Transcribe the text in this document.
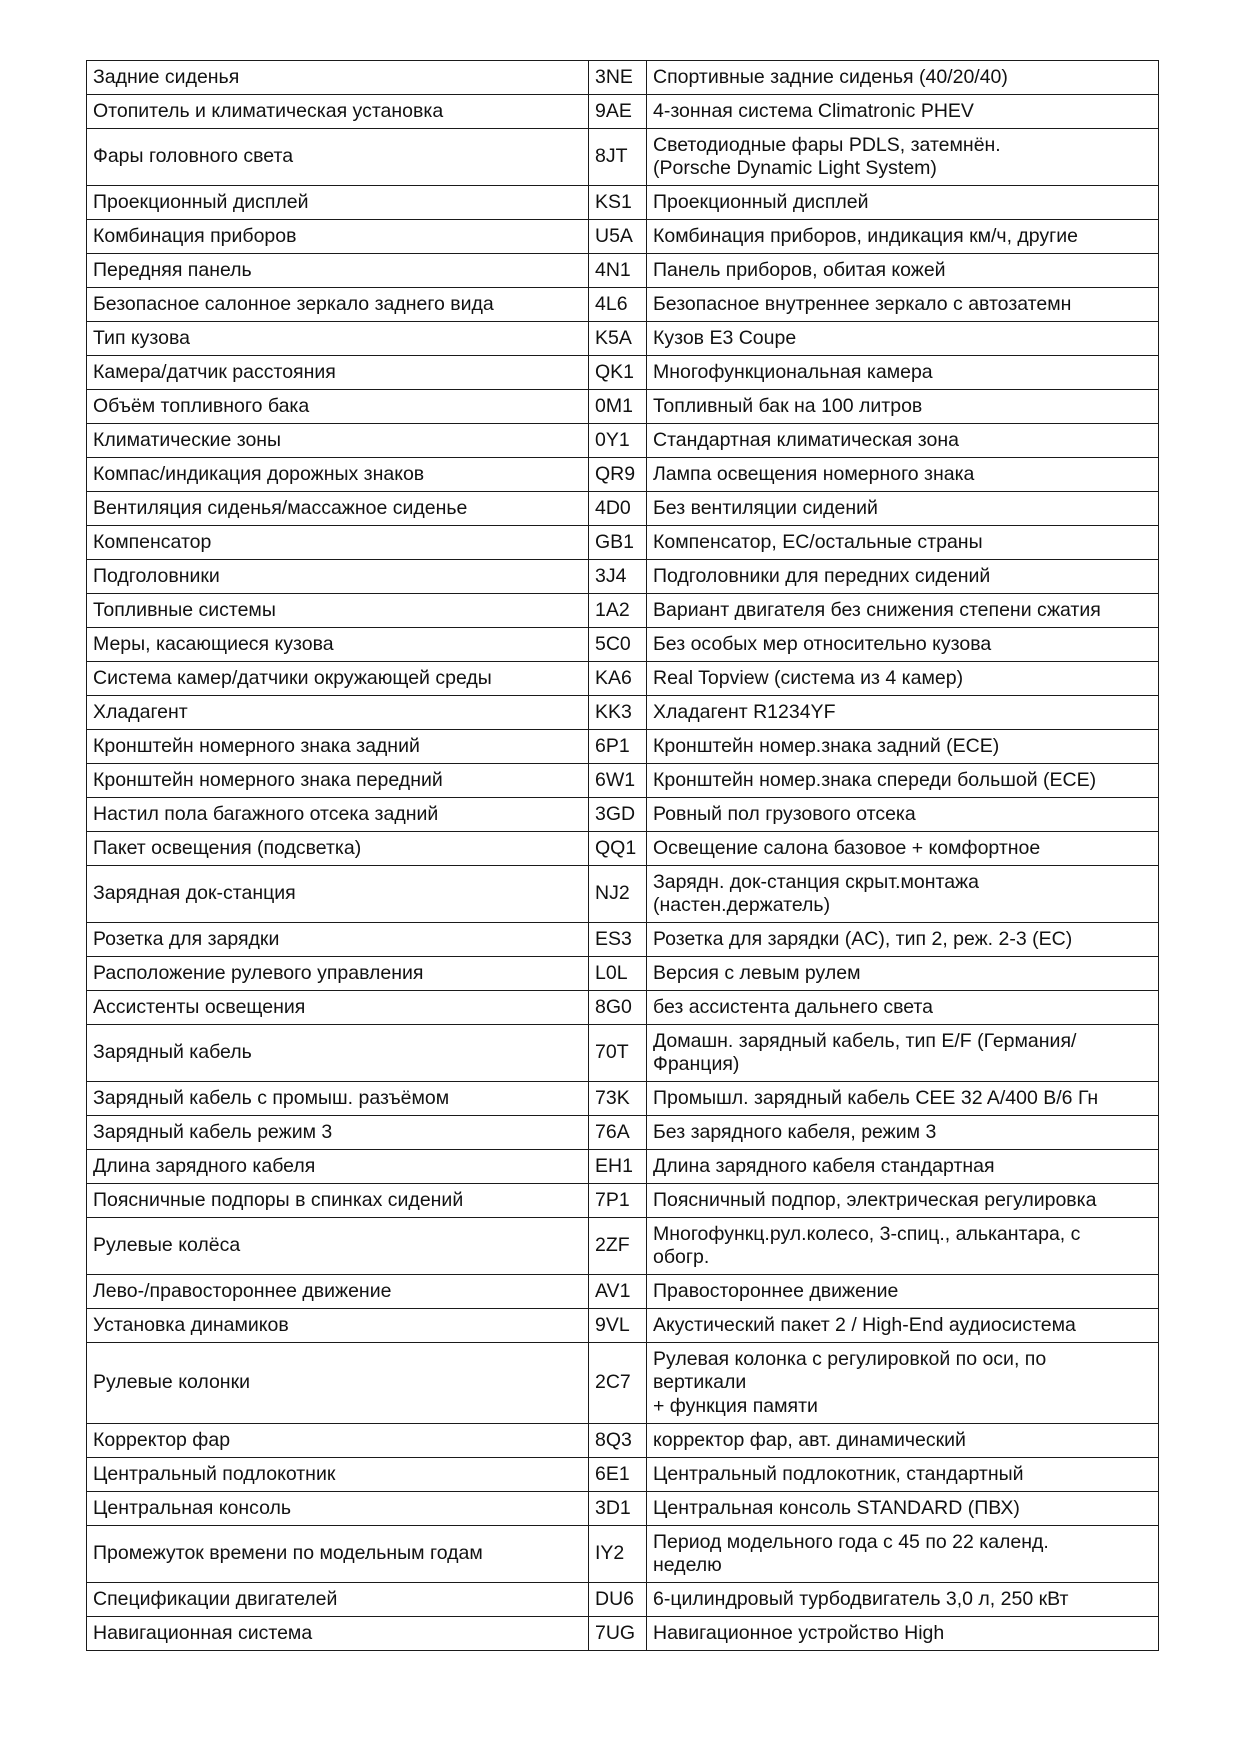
Задние сиденья	3NE	Спортивные задние сиденья (40/20/40)
Отопитель и климатическая установка	9AE	4-зонная система Climatronic PHEV
Фары головного света	8JT	Светодиодные фары PDLS, затемнён.
(Porsche Dynamic Light System)
Проекционный дисплей	KS1	Проекционный дисплей
Комбинация приборов	U5A	Комбинация приборов, индикация км/ч, другие
Передняя панель	4N1	Панель приборов, обитая кожей
Безопасное салонное зеркало заднего вида	4L6	Безопасное внутреннее зеркало с автозатемн
Тип кузова	K5A	Кузов E3 Coupe
Камера/датчик расстояния	QK1	Многофункциональная камера
Объём топливного бака	0M1	Топливный бак на 100 литров
Климатические зоны	0Y1	Стандартная климатическая зона
Компас/индикация дорожных знаков	QR9	Лампа освещения номерного знака
Вентиляция сиденья/массажное сиденье	4D0	Без вентиляции сидений
Компенсатор	GB1	Компенсатор, ЕС/остальные страны
Подголовники	3J4	Подголовники для передних сидений
Топливные системы	1A2	Вариант двигателя без снижения степени сжатия
Меры, касающиеся кузова	5C0	Без особых мер относительно кузова
Система камер/датчики окружающей среды	KA6	Real Topview (система из 4 камер)
Хладагент	KK3	Хладагент R1234YF
Кронштейн номерного знака задний	6P1	Кронштейн номер.знака задний (ECE)
Кронштейн номерного знака передний	6W1	Кронштейн номер.знака спереди большой (ECE)
Настил пола багажного отсека задний	3GD	Ровный пол грузового отсека
Пакет освещения (подсветка)	QQ1	Освещение салона базовое + комфортное
Зарядная док-станция	NJ2	Зарядн. док-станция скрыт.монтажа
(настен.держатель)
Розетка для зарядки	ES3	Розетка для зарядки (AC), тип 2, реж. 2-3 (EC)
Расположение рулевого управления	L0L	Версия с левым рулем
Ассистенты освещения	8G0	без ассистента дальнего света
Зарядный кабель	70T	Домашн. зарядный кабель, тип E/F (Германия/
Франция)
Зарядный кабель с промыш. разъёмом	73K	Промышл. зарядный кабель CEE 32 A/400 B/6 Гн
Зарядный кабель режим 3	76A	Без зарядного кабеля, режим 3
Длина зарядного кабеля	EH1	Длина зарядного кабеля стандартная
Поясничные подпоры в спинках сидений	7P1	Поясничный подпор, электрическая регулировка
Рулевые колёса	2ZF	Многофункц.рул.колесо, 3-спиц., алькантара, с
обогр.
Лево-/правостороннее движение	AV1	Правостороннее движение
Установка динамиков	9VL	Акустический пакет 2 / High-End аудиосистема
Рулевые колонки	2C7	Рулевая колонка с регулировкой по оси, по
вертикали
+ функция памяти
Корректор фар	8Q3	корректор фар, авт. динамический
Центральный подлокотник	6E1	Центральный подлокотник, стандартный
Центральная консоль	3D1	Центральная консоль STANDARD (ПВХ)
Промежуток времени по модельным годам	IY2	Период модельного года с 45 по 22 календ.
неделю
Спецификации двигателей	DU6	6-цилиндровый турбодвигатель 3,0 л, 250 кВт
Навигационная система	7UG	Навигационное устройство High
